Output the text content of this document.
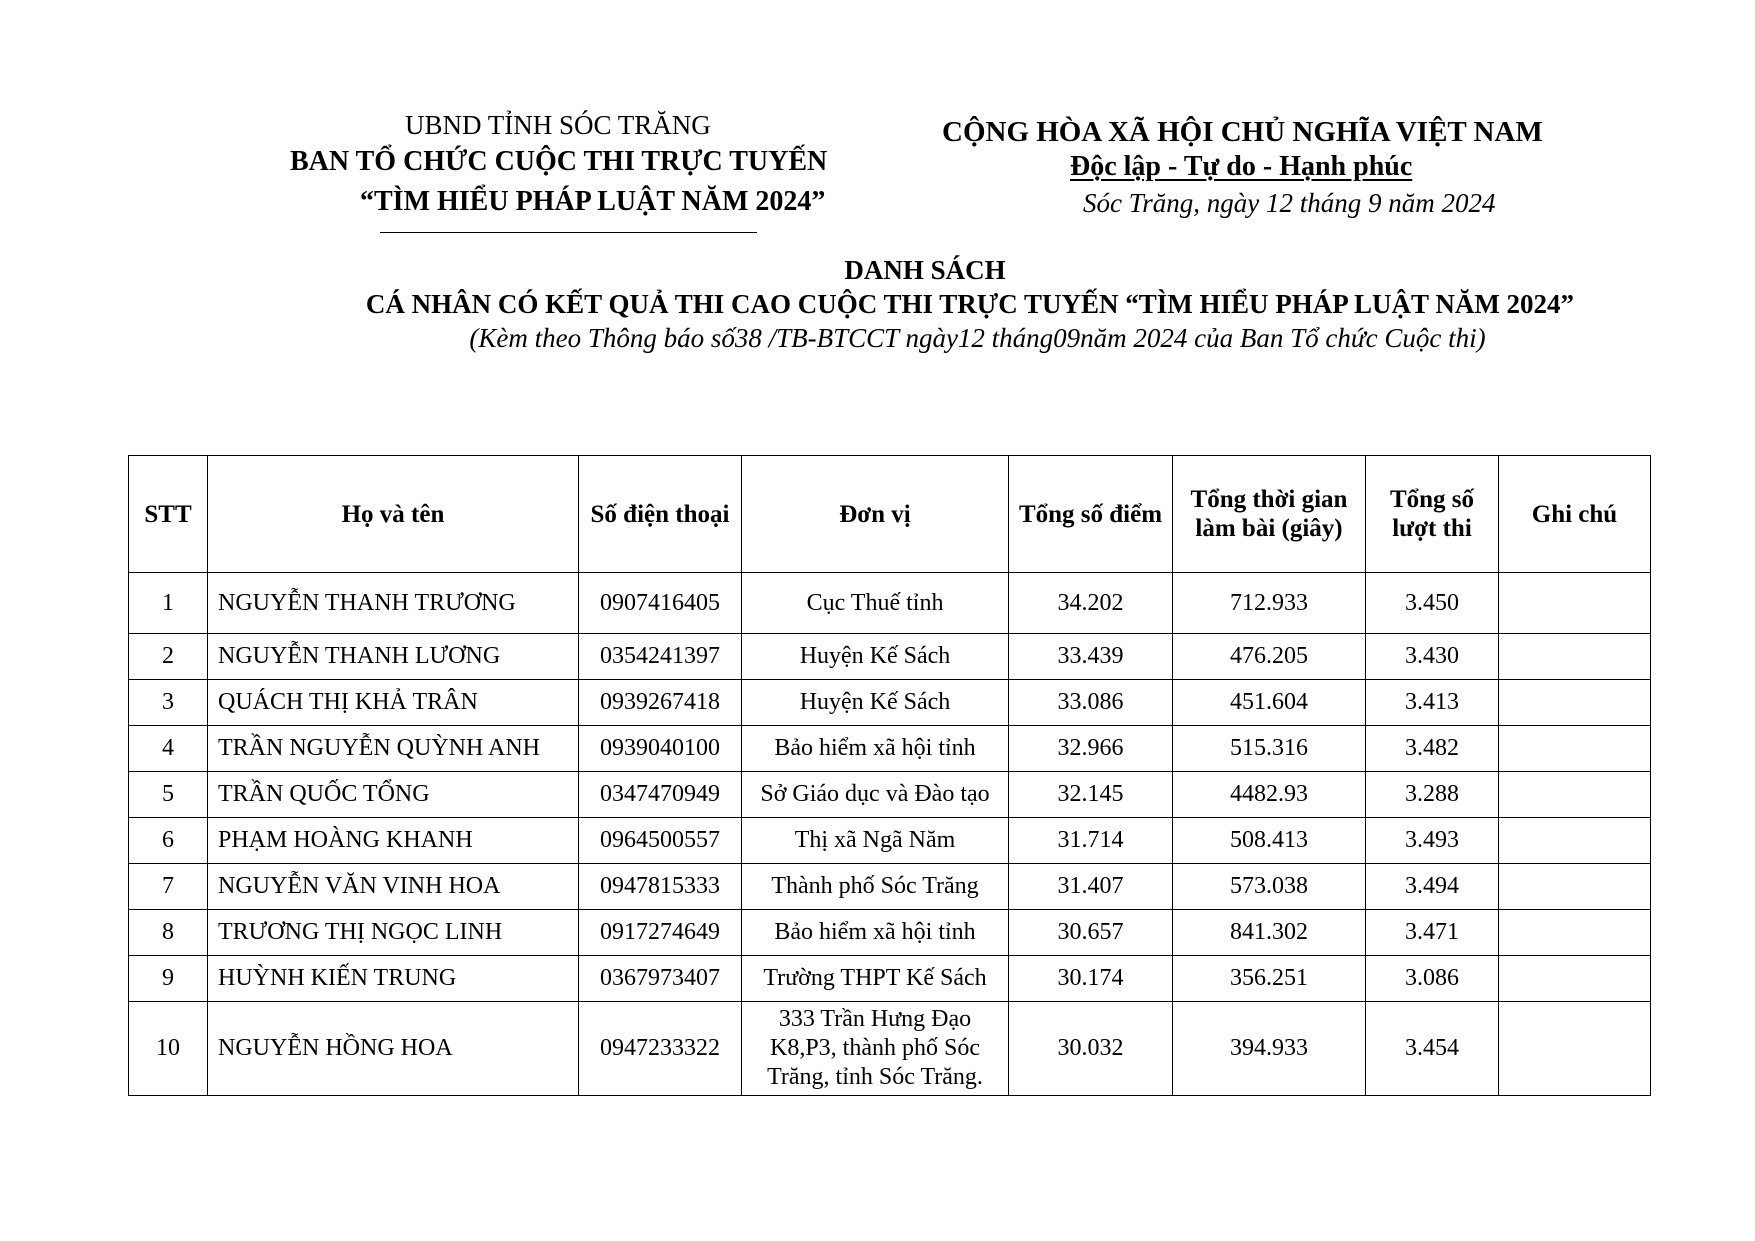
UBND TỈNH SÓC TRĂNG
BAN TỔ CHỨC CUỘC THI TRỰC TUYẾN
“TÌM HIỂU PHÁP LUẬT NĂM 2024”
CỘNG HÒA XÃ HỘI CHỦ NGHĨA VIỆT NAM
Độc lập - Tự do - Hạnh phúc
Sóc Trăng, ngày 12 tháng 9 năm 2024
DANH SÁCH
CÁ NHÂN CÓ KẾT QUẢ THI CAO CUỘC THI TRỰC TUYẾN “TÌM HIỂU PHÁP LUẬT NĂM 2024”
(Kèm theo Thông báo số38 /TB-BTCCT ngày12 tháng09năm 2024 của Ban Tổ chức Cuộc thi)
STT	Họ và tên	Số điện thoại	Đơn vị	Tổng số điểm	Tổng thời gian làm bài (giây)	Tổng số lượt thi	Ghi chú
1	NGUYỄN THANH TRƯƠNG	0907416405	Cục Thuế tỉnh	34.202	712.933	3.450	
2	NGUYỄN THANH LƯƠNG	0354241397	Huyện Kế Sách	33.439	476.205	3.430	
3	QUÁCH THỊ KHẢ TRÂN	0939267418	Huyện Kế Sách	33.086	451.604	3.413	
4	TRẦN NGUYỄN QUỲNH ANH	0939040100	Bảo hiểm xã hội tỉnh	32.966	515.316	3.482	
5	TRẦN QUỐC TỔNG	0347470949	Sở Giáo dục và Đào tạo	32.145	4482.93	3.288	
6	PHẠM HOÀNG KHANH	0964500557	Thị xã Ngã Năm	31.714	508.413	3.493	
7	NGUYỄN VĂN VINH HOA	0947815333	Thành phố Sóc Trăng	31.407	573.038	3.494	
8	TRƯƠNG THỊ NGỌC LINH	0917274649	Bảo hiểm xã hội tỉnh	30.657	841.302	3.471	
9	HUỲNH KIẾN TRUNG	0367973407	Trường THPT Kế Sách	30.174	356.251	3.086	
10	NGUYỄN HỒNG HOA	0947233322	333 Trần Hưng Đạo K8,P3, thành phố Sóc Trăng, tỉnh Sóc Trăng.	30.032	394.933	3.454	
